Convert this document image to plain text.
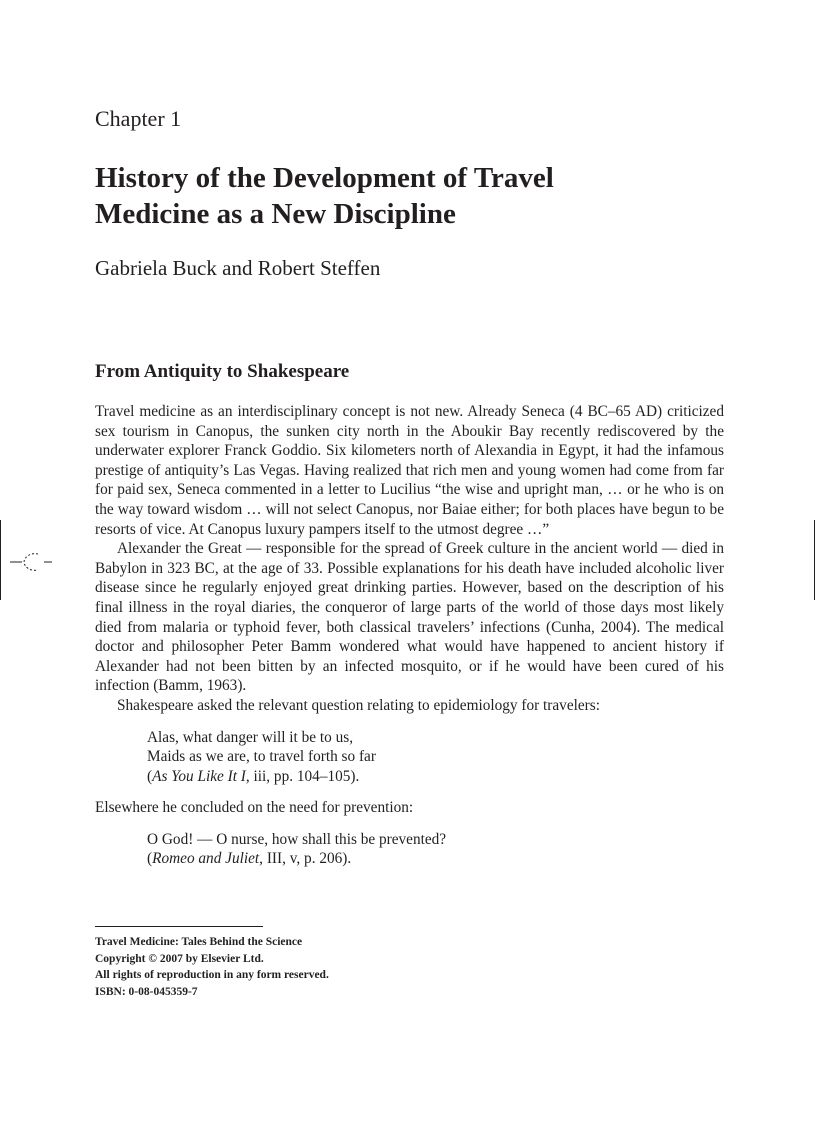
Chapter 1
History of the Development of Travel
Medicine as a New Discipline
Gabriela Buck and Robert Steffen
From Antiquity to Shakespeare

Travel medicine as an interdisciplinary concept is not new. Already Seneca (4 BC–65 AD) criticized sex tourism in Canopus, the sunken city north in the Aboukir Bay recently rediscovered by the underwater explorer Franck Goddio. Six kilometers north of Alexandia in Egypt, it had the infamous prestige of antiquity’s Las Vegas. Having realized that rich men and young women had come from far for paid sex, Seneca commented in a letter to Lucilius “the wise and upright man, … or he who is on the way toward wisdom … will not select Canopus, nor Baiae either; for both places have begun to be resorts of vice. At Canopus luxury pampers itself to the utmost degree …”

Alexander the Great — responsible for the spread of Greek culture in the ancient world — died in Babylon in 323 BC, at the age of 33. Possible explanations for his death have included alcoholic liver disease since he regularly enjoyed great drinking parties. However, based on the description of his final illness in the royal diaries, the conqueror of large parts of the world of those days most likely died from malaria or typhoid fever, both classical travelers’ infections (Cunha, 2004). The medical doctor and philosopher Peter Bamm wondered what would have happened to ancient history if Alexander had not been bitten by an infected mosquito, or if he would have been cured of his infection (Bamm, 1963).

Shakespeare asked the relevant question relating to epidemiology for travelers:

Alas, what danger will it be to us,
Maids as we are, to travel forth so far
(As You Like It I, iii, pp. 104–105).

Elsewhere he concluded on the need for prevention:

O God! — O nurse, how shall this be prevented?
(Romeo and Juliet, III, v, p. 206).
Travel Medicine: Tales Behind the Science
Copyright © 2007 by Elsevier Ltd.
All rights of reproduction in any form reserved.
ISBN: 0-08-045359-7
